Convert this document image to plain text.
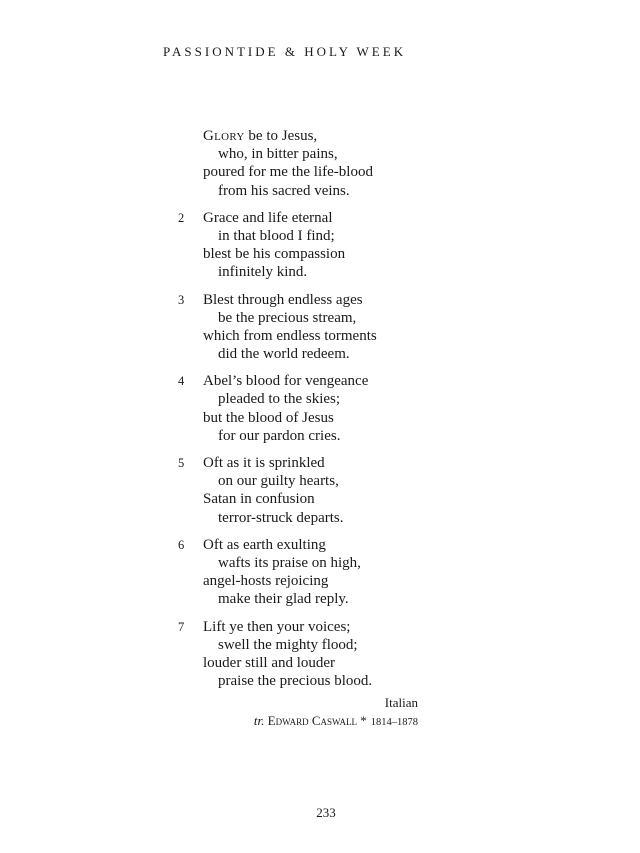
PASSIONTIDE & HOLY WEEK
Glory be to Jesus,
who, in bitter pains,
poured for me the life-blood
from his sacred veins.
2	Grace and life eternal
in that blood I find;
blest be his compassion
infinitely kind.
3	Blest through endless ages
be the precious stream,
which from endless torments
did the world redeem.
4	Abel’s blood for vengeance
pleaded to the skies;
but the blood of Jesus
for our pardon cries.
5	Oft as it is sprinkled
on our guilty hearts,
Satan in confusion
terror-struck departs.
6	Oft as earth exulting
wafts its praise on high,
angel-hosts rejoicing
make their glad reply.
7	Lift ye then your voices;
swell the mighty flood;
louder still and louder
praise the precious blood.
Italian
tr. Edward Caswall * 1814–1878
233
